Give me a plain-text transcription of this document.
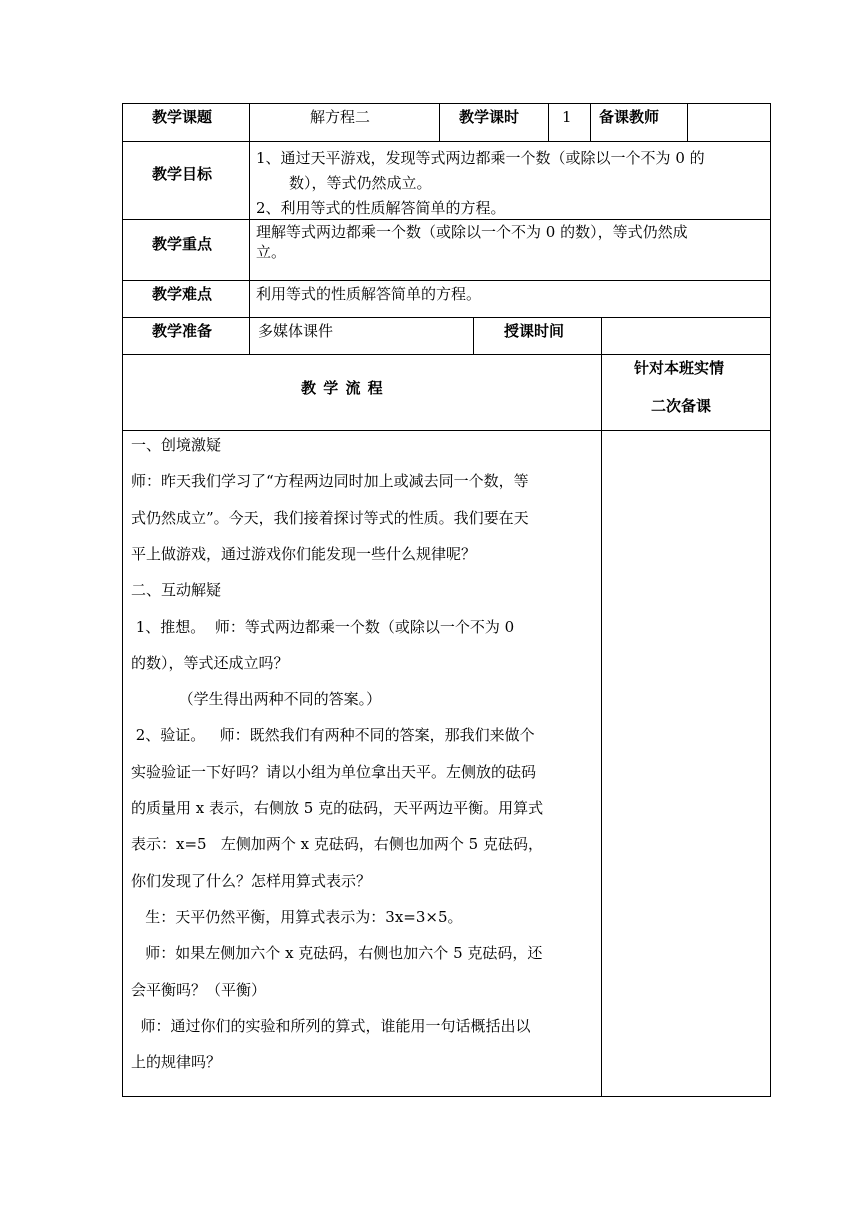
教学课题	解方程二	教学课时	1 备课教师
教学目标
1、通过天平游戏，发现等式两边都乘一个数（或除以一个不为 0 的
数），等式仍然成立。
2、利用等式的性质解答简单的方程。
教学重点
理解等式两边都乘一个数（或除以一个不为 0 的数），等式仍然成
立。
教学难点	利用等式的性质解答简单的方程。
教学准备	多媒体课件	授课时间
教 学 流 程
针对本班实情
二次备课

一、创境激疑

师：昨天我们学习了“方程两边同时加上或减去同一个数，等

式仍然成立”。今天，我们接着探讨等式的性质。我们要在天

平上做游戏，通过游戏你们能发现一些什么规律呢？

二、互动解疑

1、推想。  师：等式两边都乘一个数（或除以一个不为 0

的数），等式还成立吗？

（学生得出两种不同的答案。）

2、验证。   师：既然我们有两种不同的答案，那我们来做个

实验验证一下好吗？请以小组为单位拿出天平。左侧放的砝码

的质量用 x 表示，右侧放 5 克的砝码，天平两边平衡。用算式

表示：x=5   左侧加两个 x 克砝码，右侧也加两个 5 克砝码，

你们发现了什么？怎样用算式表示？

生：天平仍然平衡，用算式表示为：3x=3×5。

师：如果左侧加六个 x 克砝码，右侧也加六个 5 克砝码，还

会平衡吗？（平衡）

师：通过你们的实验和所列的算式，谁能用一句话概括出以

上的规律吗？
